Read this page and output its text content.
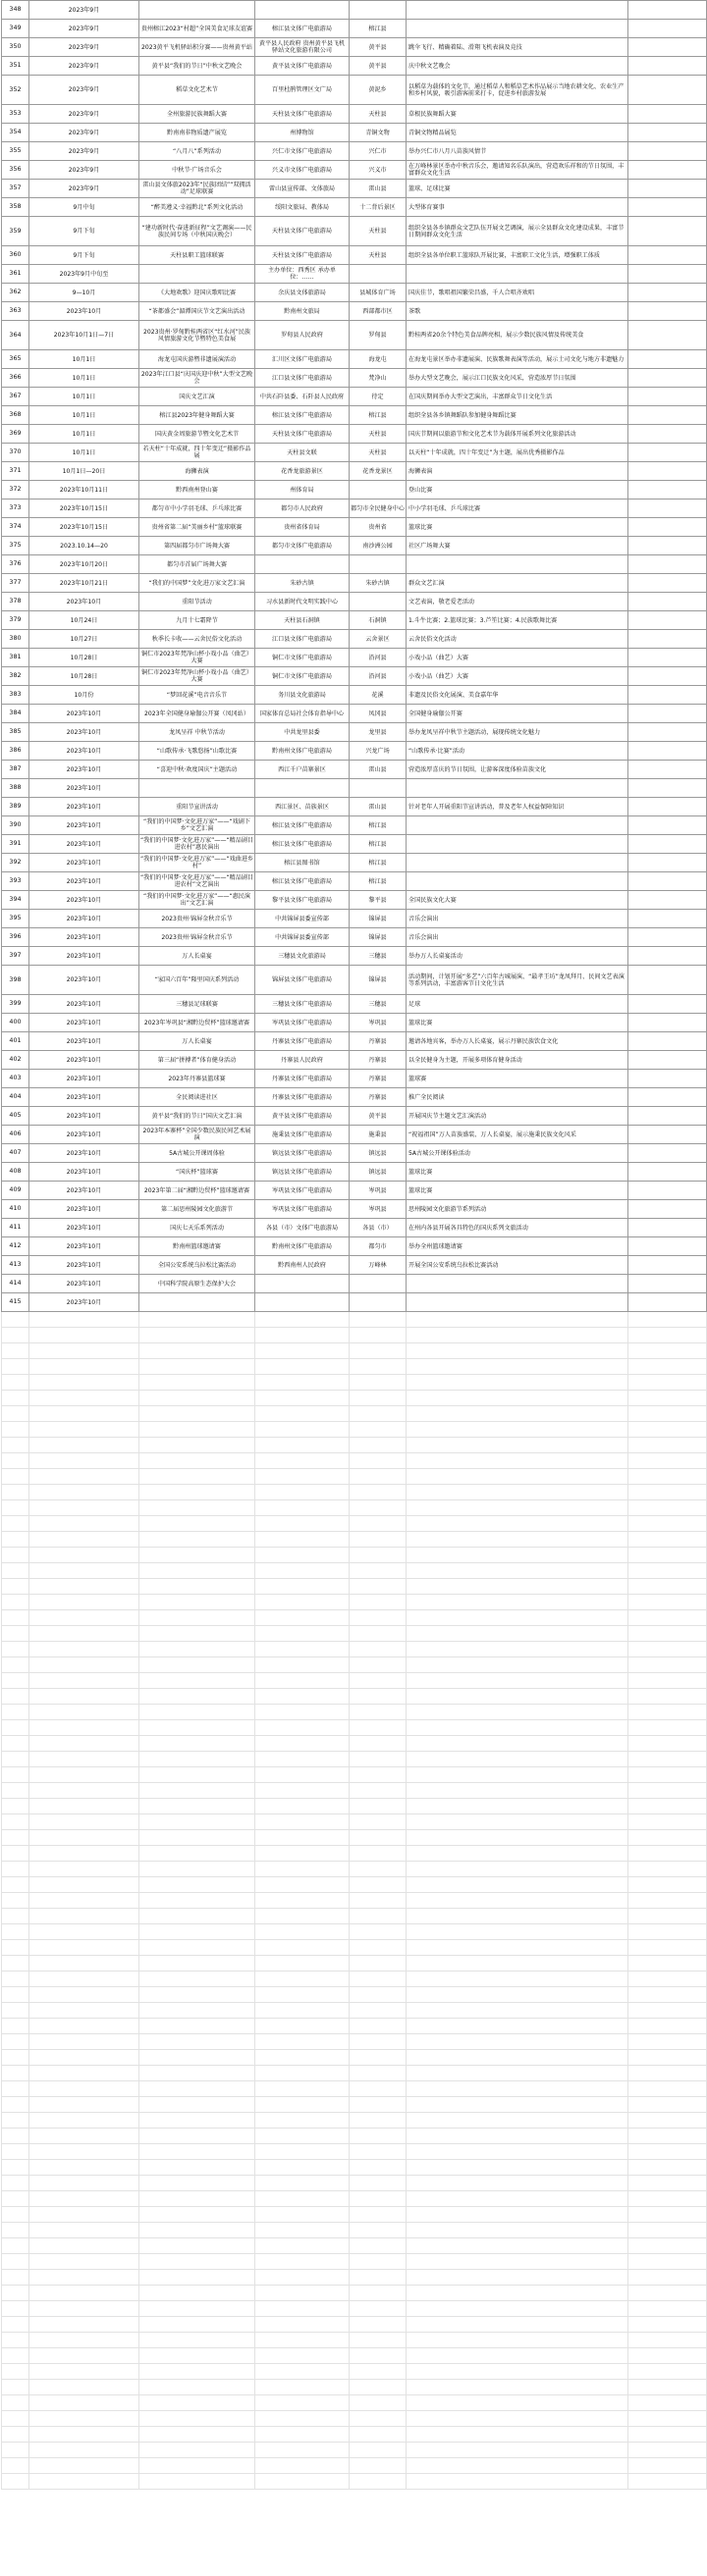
348	2023年9月					
349	2023年9月	贵州榕江2023“村超”全国美食足球友谊赛	榕江县文体广电旅游局	榕江县		
350	2023年9月	2023黄平飞机驿站积分赛——贵州黄平站	黄平县人民政府 贵州黄平县飞机驿站文化旅游有限公司	黄平县	跳伞飞行、精确着陆、滑翔飞机表演及竞技	
351	2023年9月	黄平县“我们的节日”中秋文艺晚会	黄平县文体广电旅游局	黄平县	庆中秋文艺晚会	
352	2023年9月	稻草文化艺术节	百里杜鹃管理区文广局	黄泥乡	以稻草为载体的文化节，通过稻草人和稻草艺术作品展示当地农耕文化、农业生产和乡村风貌，吸引游客前来打卡，促进乡村旅游发展	
353	2023年9月	全州旅游民族舞蹈大赛	天柱县文体广电旅游局	天柱县	草根民族舞蹈大赛	
354	2023年9月	黔南南非物质遗产展览	州博物馆	青铜文物	青铜文物精品展览	
355	2023年9月	“八月八”系列活动	兴仁市文体广电旅游局	兴仁市	举办兴仁市八月八苗族风情节	
356	2023年9月	中秋节·广场音乐会	兴义市文体广电旅游局	兴义市	在万峰林景区举办中秋音乐会，邀请知名乐队演出，营造欢乐祥和的节日氛围，丰富群众文化生活	
357	2023年9月	雷山县文体旅2023年“民族团结”“双拥活动”足球联赛	雷山县宣传部、文体旅局	雷山县	篮球、足球比赛	
358	9月中旬	“醉美遵义·幸福黔北”系列文化活动	绥阳文旅局、教体局	十二背后景区	大型体育赛事	
359	9月下旬	“建功新时代·奋进新征程”文艺调演——民族民间专场（中秋国庆晚会）	天柱县文体广电旅游局	天柱县	组织全县各乡镇群众文艺队伍开展文艺调演，展示全县群众文化建设成果，丰富节日期间群众文化生活	
360	9月下旬	天柱县职工篮球联赛	天柱县文体广电旅游局	天柱县	组织全县各单位职工篮球队开展比赛，丰富职工文化生活，增强职工体质	
361	2023年9月中旬至		主办单位：西秀区 承办单位：……			
362	9—10月	《大地欢歌》迎国庆歌唱比赛	余庆县文体旅游局	县城体育广场	国庆佳节，歌唱祖国繁荣昌盛，千人合唱齐欢唱	
363	2023年10月	“茶都盛会”湄潭国庆节文艺演出活动	黔南州文旅局	西部都市区	茶歌	
364	2023年10月1日—7日	2023贵州·罗甸黔桂两省区“红水河”民族风情旅游文化节暨特色美食展	罗甸县人民政府	罗甸县	黔桂两省20余个特色美食品牌亮相，展示少数民族风情及传统美食	
365	10月1日	海龙屯国庆游暨非遗展演活动	汇川区文体广电旅游局	海龙屯	在海龙屯景区举办非遗展演、民族歌舞表演等活动，展示土司文化与地方非遗魅力	
366	10月1日	2023年江口县“庆国庆迎中秋”大型文艺晚会	江口县文体广电旅游局	梵净山	举办大型文艺晚会，展示江口民族文化风采，营造浓厚节日氛围	
367	10月1日	国庆文艺汇演	中共石阡县委、石阡县人民政府	待定	在国庆期间举办大型文艺演出，丰富群众节日文化生活	
368	10月1日	榕江县2023年健身舞蹈大赛	榕江县文体广电旅游局	榕江县	组织全县各乡镇舞蹈队参加健身舞蹈比赛	
369	10月1日	国庆黄金周旅游节暨文化艺术节	天柱县文体广电旅游局	天柱县	国庆节期间以旅游节和文化艺术节为载体开展系列文化旅游活动	
370	10月1日	若天柱“十年成就，四十年变迁”摄影作品展	天柱县文联	天柱县	以天柱“十年成就，四十年变迁”为主题，展出优秀摄影作品	
371	10月1日—20日	海狮表演	花香龙旅游景区	花香龙景区	海狮表演	
372	2023年10月11日	黔西南州登山赛	州体育局		登山比赛	
373	2023年10月15日	都匀市中小学羽毛球、乒乓球比赛	都匀市人民政府	都匀市全民健身中心	中小学羽毛球、乒乓球比赛	
374	2023年10月15日	贵州省第二届“美丽乡村”篮球联赛	贵州省体育局	贵州省	篮球比赛	
375	2023.10.14—20	第四届都匀市广场舞大赛	都匀市文体广电旅游局	南沙洲公园	社区广场舞大赛	
376	2023年10月20日	都匀市首届广场舞大赛				
377	2023年10月21日	“我们的中国梦”文化进万家文艺汇演	朱砂古镇	朱砂古镇	群众文艺汇演	
378	2023年10月	重阳节活动	习水县新时代文明实践中心		文艺表演，敬老爱老活动	
379	10月24日	九月十七霜降节	天柱县石洞镇	石洞镇	1.斗牛比赛；2.篮球比赛；3.芦笙比赛；4.民族歌舞比赛	
380	10月27日	秋季长卡收——云舍民俗文化活动	江口县文体广电旅游局	云舍景区	云舍民俗文化活动	
381	10月28日	铜仁市2023年梵净山杯小戏小品（曲艺）大赛	铜仁市文体广电旅游局	沿河县	小戏小品（曲艺）大赛	
382	10月28日	铜仁市2023年梵净山杯小戏小品（曲艺）大赛	铜仁市文体广电旅游局	沿河县	小戏小品（曲艺）大赛	
383	10月份	“梦回花溪”电音音乐节	务川县文化旅游局	花溪	非遗及民俗文化展演、美食嘉年华	
384	2023年10月	2023年全国健身瑜伽公开赛（凤冈站）	国家体育总局社会体育指导中心	凤冈县	全国健身瑜伽公开赛	
385	2023年10月	龙凤呈祥 中秋节活动	中共龙里县委	龙里县	举办龙凤呈祥中秋节主题活动，展现传统文化魅力	
386	2023年10月	“山歌传承·飞歌悠扬”山歌比赛	黔南州文体广电旅游局	兴龙广场	“山歌传承·比赛”活动	
387	2023年10月	“喜迎中秋·欢度国庆”主题活动	西江千户苗寨景区	雷山县	营造浓厚喜庆的节日氛围，让游客深度体验苗族文化	
388	2023年10月					
389	2023年10月	重阳节宣讲活动	西江景区、苗族景区	雷山县	针对老年人开展重阳节宣讲活动，普及老年人权益保障知识	
390	2023年10月	“我们的中国梦·文化进万家”——“戏剧下乡”文艺汇演	榕江县文体广电旅游局	榕江县		
391	2023年10月	“我们的中国梦·文化进万家”——“精品剧目进农村”惠民演出	榕江县文体广电旅游局	榕江县		
392	2023年10月	“我们的中国梦·文化进万家”——“戏曲进乡村”	榕江县图书馆	榕江县		
393	2023年10月	“我们的中国梦·文化进万家”——“精品剧目进农村”文艺演出	榕江县文体广电旅游局	榕江县		
394	2023年10月	“我们的中国梦·文化进万家”——“惠民演出”文艺汇演	黎平县文体广电旅游局	黎平县	全国民族文化大赛	
395	2023年10月	2023贵州·锦屏金秋音乐节	中共锦屏县委宣传部	锦屏县	音乐会演出	
396	2023年10月	2023贵州·锦屏金秋音乐节	中共锦屏县委宣传部	锦屏县	音乐会演出	
397	2023年10月	万人长桌宴	三穗县文化旅游局	三穗县	举办万人长桌宴活动	
398	2023年10月	“家国六百年”隆里国庆系列活动	锦屏县文体广电旅游局	锦屏县	活动期间，计划开展“多艺”六百年古城展演、“最孝王坊”龙凤拜月、民间文艺表演等系列活动，丰富游客节日文化生活	
399	2023年10月	三穗县足球联赛	三穗县文体广电旅游局	三穗县	足球	
400	2023年10月	2023年岑巩县“湘黔边贸杯”篮球邀请赛	岑巩县文体广电旅游局	岑巩县	篮球比赛	
401	2023年10月	万人长桌宴	丹寨县文体广电旅游局	丹寨县	邀请各地宾客，举办万人长桌宴，展示丹寨民族饮食文化	
402	2023年10月	第三届“拼搏者”体育健身活动	丹寨县人民政府	丹寨县	以全民健身为主题，开展多项体育健身活动	
403	2023年10月	2023年丹寨县篮球赛	丹寨县文体广电旅游局	丹寨县	篮球赛	
404	2023年10月	全民阅读进社区	丹寨县文体广电旅游局	丹寨县	推广全民阅读	
405	2023年10月	黄平县“我们的节日”国庆文艺汇演	黄平县文体广电旅游局	黄平县	开展国庆节主题文艺汇演活动	
406	2023年10月	2023年本寨杯”全国少数民族民间艺术展演	施秉县文体广电旅游局	施秉县	“祝福祖国”万人苗族盛装、万人长桌宴，展示施秉民族文化风采	
407	2023年10月	5A古城公开课周体验	镇远县文体广电旅游局	镇远县	5A古城公开课体验活动	
408	2023年10月	“国庆杯”篮球赛	镇远县文体广电旅游局	镇远县	篮球比赛	
409	2023年10月	2023年第二届“湘黔边贸杯”篮球邀请赛	岑巩县文体广电旅游局	岑巩县	篮球比赛	
410	2023年10月	第二届思州陵园文化旅游节	岑巩县文体广电旅游局	岑巩县	思州陵园文化旅游节系列活动	
411	2023年10月	国庆七天乐系列活动	各县（市）文体广电旅游局	各县（市）	在州内各县开展各具特色的国庆系列文旅活动	
412	2023年10月	黔南州篮球邀请赛	黔南州文体广电旅游局	都匀市	举办全州篮球邀请赛	
413	2023年10月	全国公安系统乌拉松比赛活动	黔西南州人民政府	万峰林	开展全国公安系统乌拉松比赛活动	
414	2023年10月	中国科学院高原生态保护大会				
415	2023年10月					
